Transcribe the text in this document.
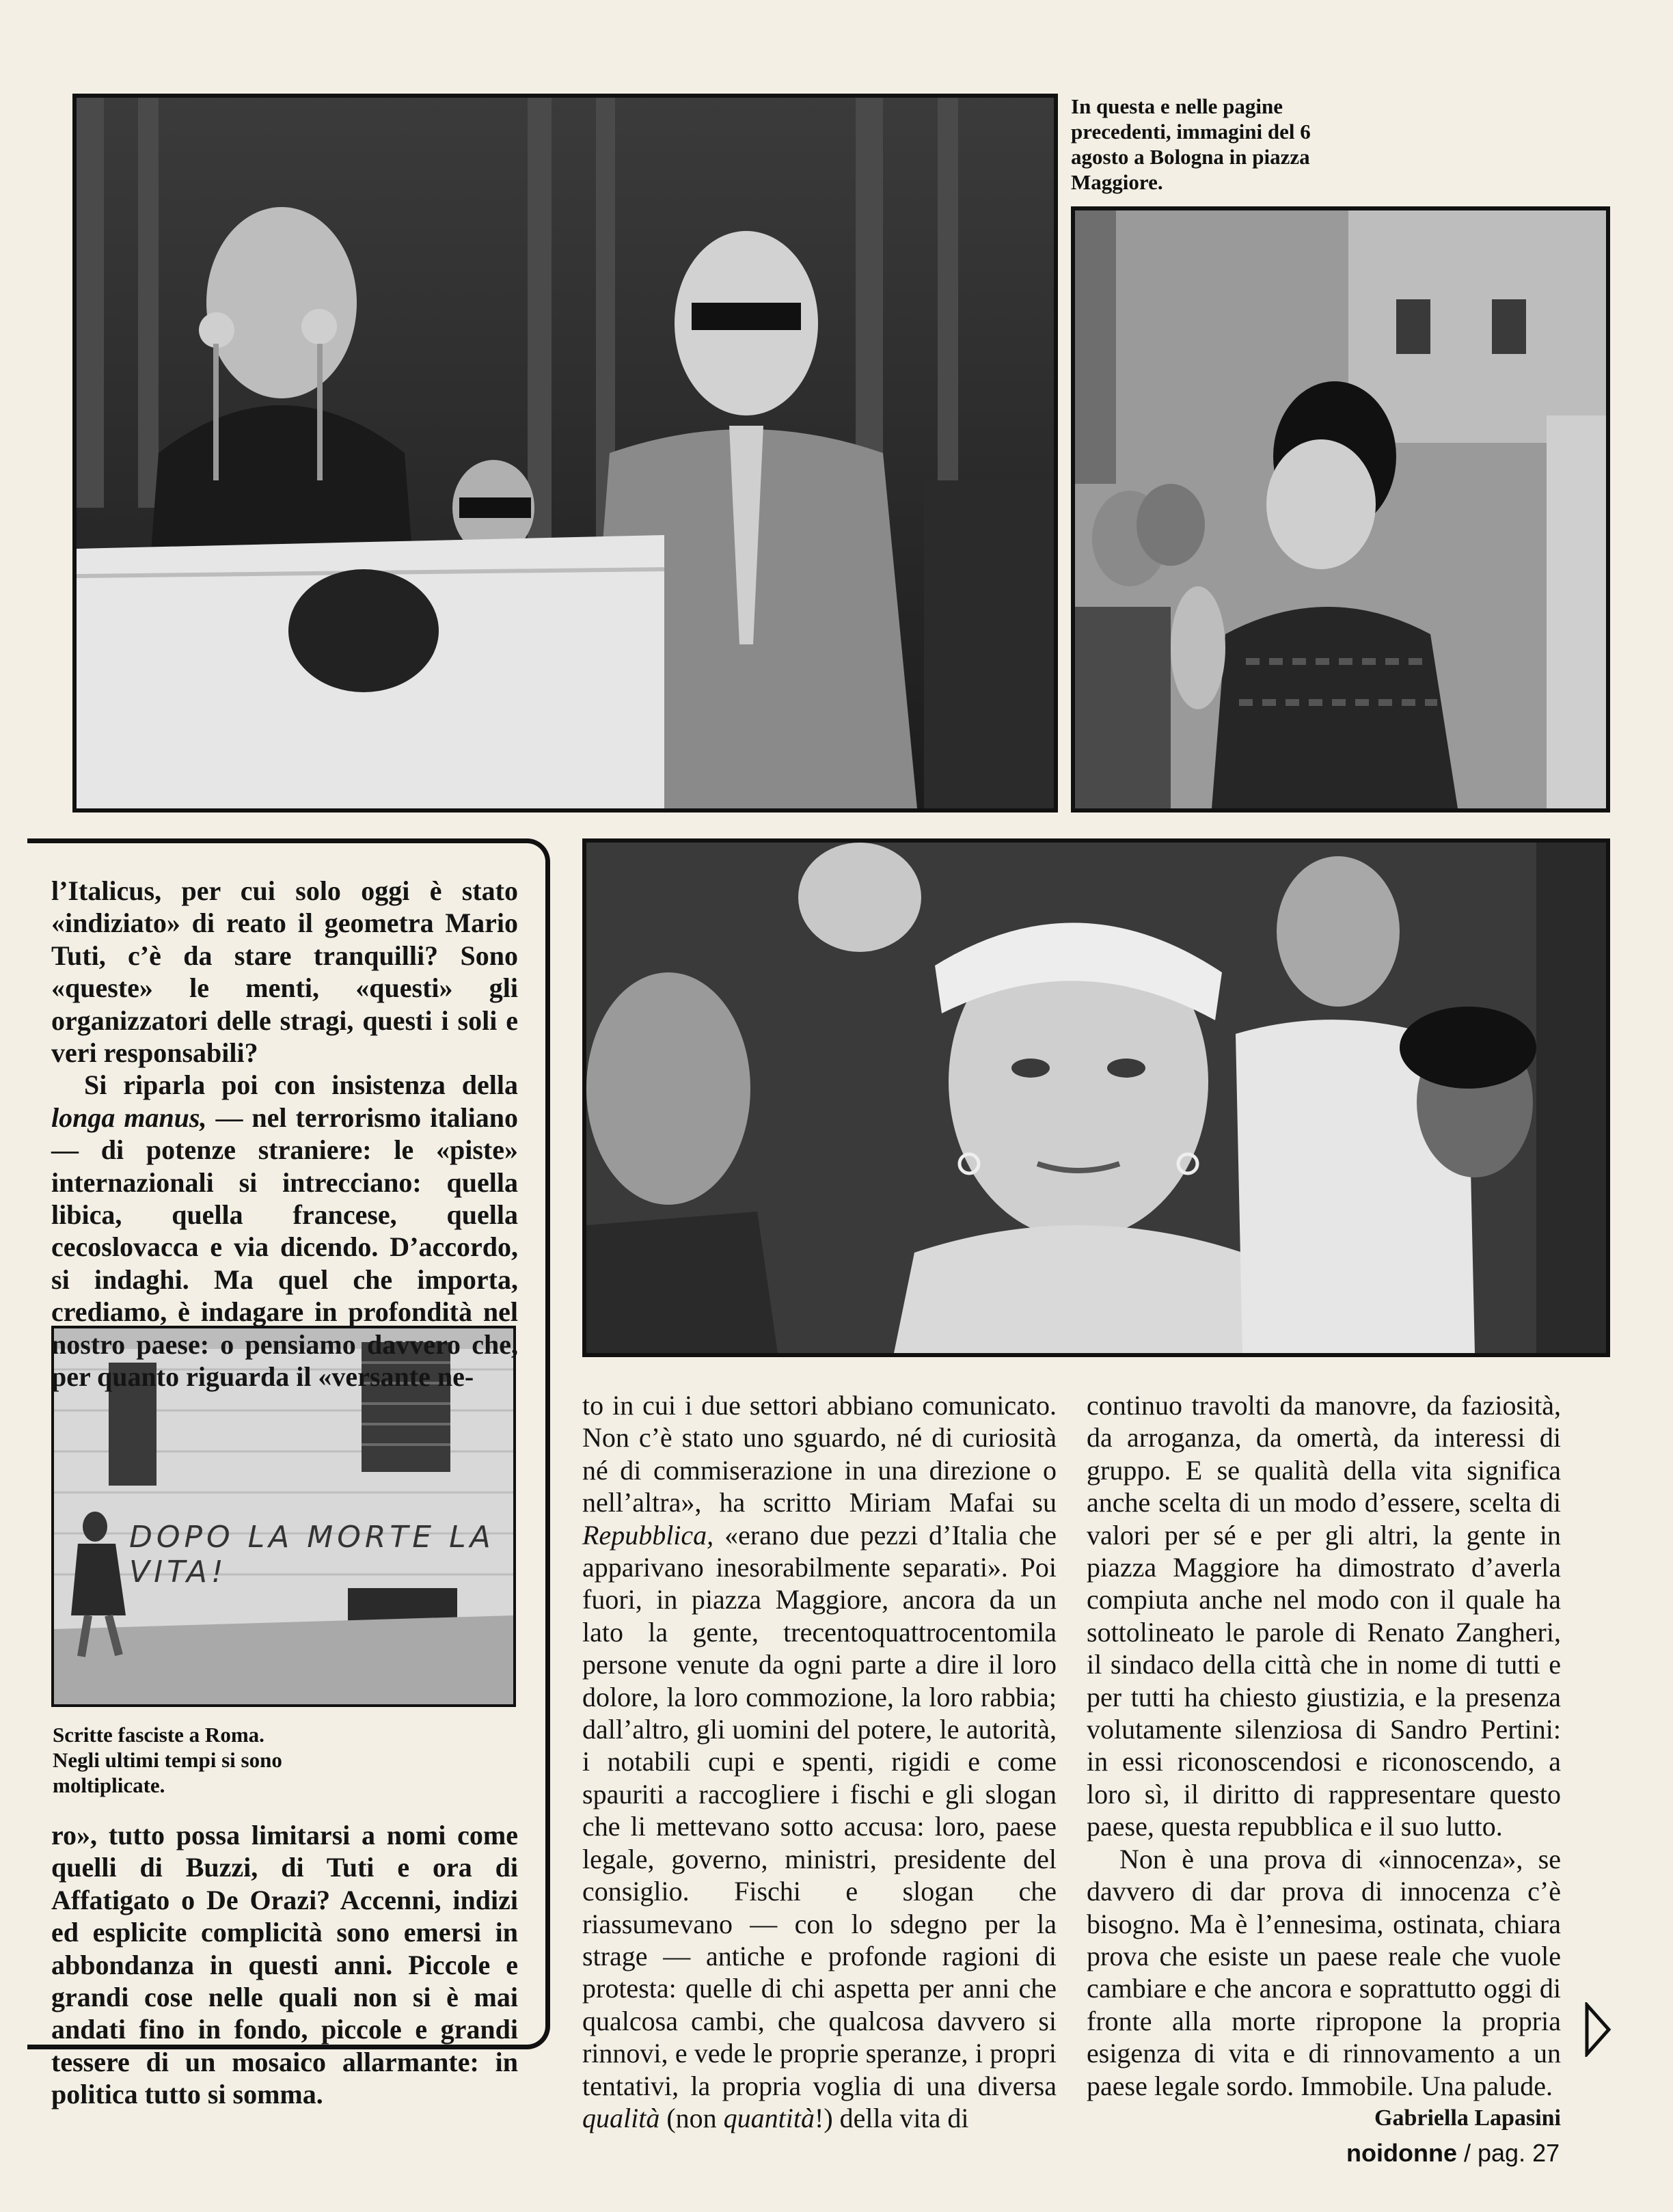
In questa e nelle pagine precedenti, immagini del 6 agosto a Bologna in piazza Maggiore.
DOPO LA MORTE LA VITA!
Scritte fasciste a Roma. Negli ultimi tempi si sono moltiplicate.

l’Italicus, per cui solo oggi è stato «indiziato» di reato il geometra Mario Tuti, c’è da stare tranquilli? Sono «queste» le menti, «questi» gli organizzatori delle stragi, questi i soli e veri responsabili?

Si riparla poi con insistenza della longa manus, — nel terrorismo italiano — di potenze straniere: le «piste» internazionali si intrecciano: quella libica, quella francese, quella cecoslovacca e via dicendo. D’accordo, si indaghi. Ma quel che importa, crediamo, è indagare in profondità nel nostro paese: o pensiamo davvero che, per quanto riguarda il «versante ne-

ro», tutto possa limitarsi a nomi come quelli di Buzzi, di Tuti e ora di Affatigato o De Orazi? Accenni, indizi ed esplicite complicità sono emersi in abbondanza in questi anni. Piccole e grandi cose nelle quali non si è mai andati fino in fondo, piccole e grandi tessere di un mosaico allarmante: in politica tutto si somma.

to in cui i due settori abbiano comunicato. Non c’è stato uno sguardo, né di curiosità né di commiserazione in una direzione o nell’altra», ha scritto Miriam Mafai su Repubblica, «erano due pezzi d’Italia che apparivano inesorabilmente separati». Poi fuori, in piazza Maggiore, ancora da un lato la gente, trecentoquattrocentomila persone venute da ogni parte a dire il loro dolore, la loro commozione, la loro rabbia; dall’altro, gli uomini del potere, le autorità, i notabili cupi e spenti, rigidi e come spauriti a raccogliere i fischi e gli slogan che li mettevano sotto accusa: loro, paese legale, governo, ministri, presidente del consiglio. Fischi e slogan che riassumevano — con lo sdegno per la strage — antiche e profonde ragioni di protesta: quelle di chi aspetta per anni che qualcosa cambi, che qualcosa davvero si rinnovi, e vede le proprie speranze, i propri tentativi, la propria voglia di una diversa qualità (non quantità!) della vita di

continuo travolti da manovre, da faziosità, da arroganza, da omertà, da interessi di gruppo. E se qualità della vita significa anche scelta di un modo d’essere, scelta di valori per sé e per gli altri, la gente in piazza Maggiore ha dimostrato d’averla compiuta anche nel modo con il quale ha sottolineato le parole di Renato Zangheri, il sindaco della città che in nome di tutti e per tutti ha chiesto giustizia, e la presenza volutamente silenziosa di Sandro Pertini: in essi riconoscendosi e riconoscendo, a loro sì, il diritto di rappresentare questo paese, questa repubblica e il suo lutto.

Non è una prova di «innocenza», se davvero di dar prova di innocenza c’è bisogno. Ma è l’ennesima, ostinata, chiara prova che esiste un paese reale che vuole cambiare e che ancora e soprattutto oggi di fronte alla morte ripropone la propria esigenza di vita e di rinnovamento a un paese legale sordo. Immobile. Una palude.
Gabriella Lapasini

noidonne / pag. 27
